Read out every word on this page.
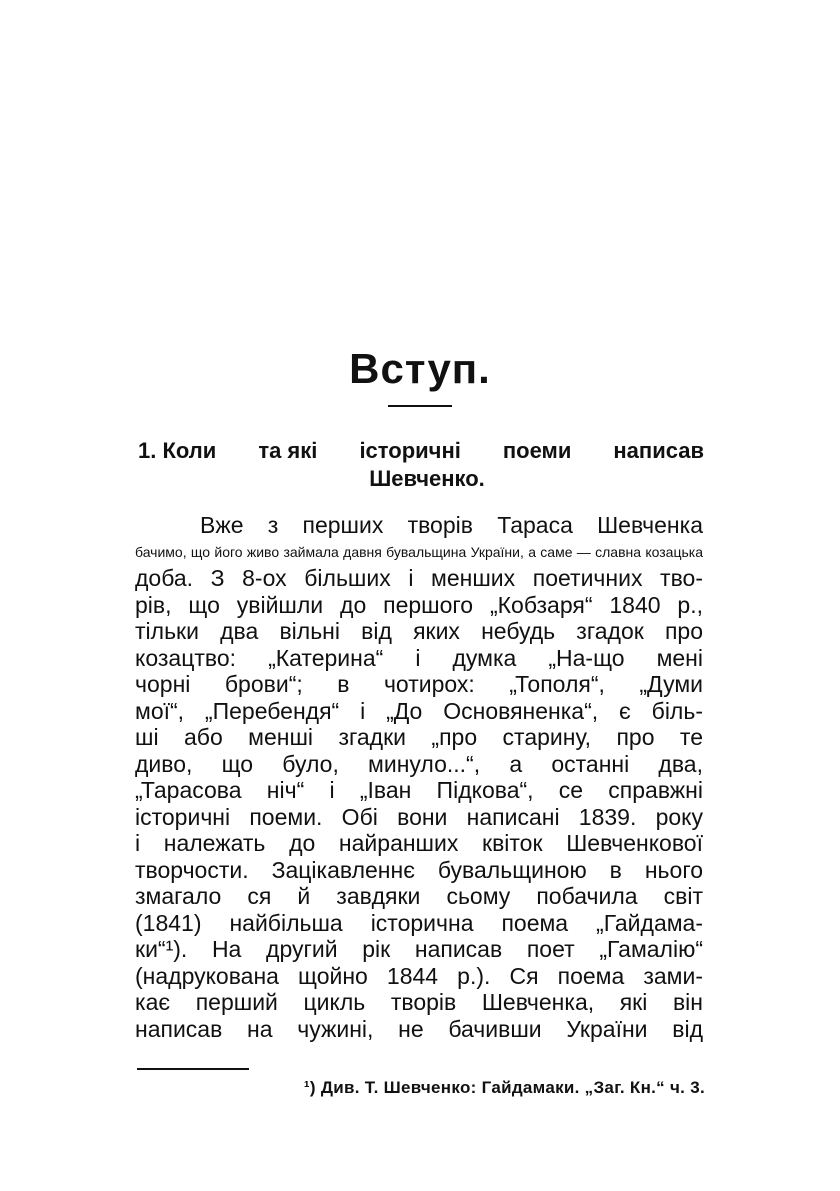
Вступ.
1. Коли та які історичні поеми написав
Шевченко.
Вже з перших творів Тараса Шевченка
бачимо, що його живо займала давня бувальщина України, а саме — славна козацька
доба. З 8-ох більших і менших поетичних тво-
рів, що увійшли до першого „Кобзаря“ 1840 р.,
тільки два вільні від яких небудь згадок про
козацтво: „Катерина“ і думка „На-що мені
чорні брови“; в чотирох: „Тополя“, „Думи
мої“, „Перебендя“ і „До Основяненка“, є біль-
ші або менші згадки „про старину, про те
диво, що було, минуло...“, а останні два,
„Тарасова ніч“ і „Іван Підкова“, се справжні
історичні поеми. Обі вони написані 1839. року
і належать до найранших квіток Шевченкової
творчости. Зацікавленнє бувальщиною в нього
змагало ся й завдяки сьому побачила світ
(1841) найбільша історична поема „Гайдама-
ки“¹). На другий рік написав поет „Гамалію“
(надрукована щойно 1844 р.). Ся поема зами-
кає перший цикль творів Шевченка, які він
написав на чужині, не бачивши України від

¹) Див. Т. Шевченко: Гайдамаки. „Заг. Кн.“ ч. 3.
